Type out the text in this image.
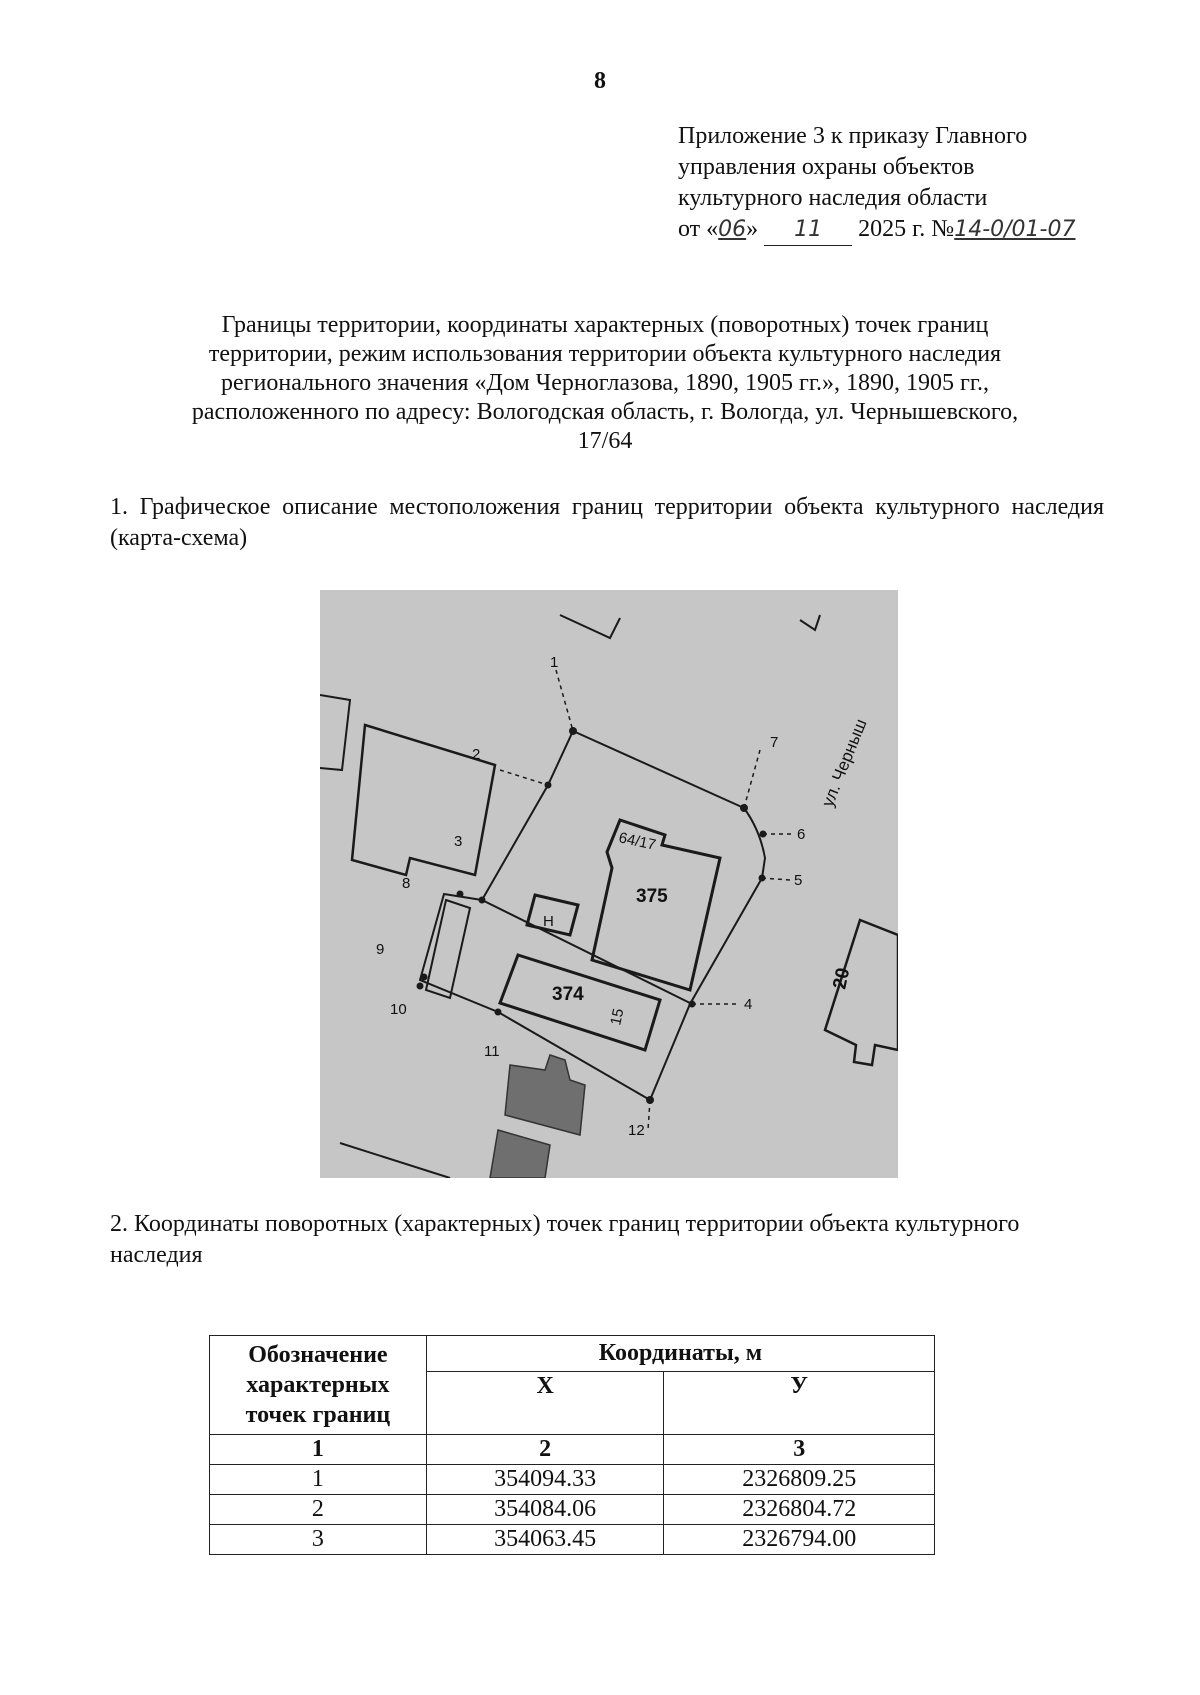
8
Приложение 3 к приказу Главного
управления охраны объектов
культурного наследия области
от «06» 11 2025 г. №14-0/01-07
Границы территории, координаты характерных (поворотных) точек границ
территории, режим использования территории объекта культурного наследия
регионального значения «Дом Черноглазова, 1890, 1905 гг.», 1890, 1905 гг.,
расположенного по адресу: Вологодская область, г. Вологда, ул. Чернышевского,
17/64
1. Графическое описание местоположения границ территории объекта культурного наследия (карта-схема)
1
2
3
4
5
6
7
8
9
10
11
12
375
374
64/17
15
Н
20
ул. Черныш
2. Координаты поворотных (характерных) точек границ территории объекта культурного наследия
Обозначение
характерных
точек границ	Координаты, м	
	Х	У
1	2	3
1	354094.33	2326809.25
2	354084.06	2326804.72
3	354063.45	2326794.00
